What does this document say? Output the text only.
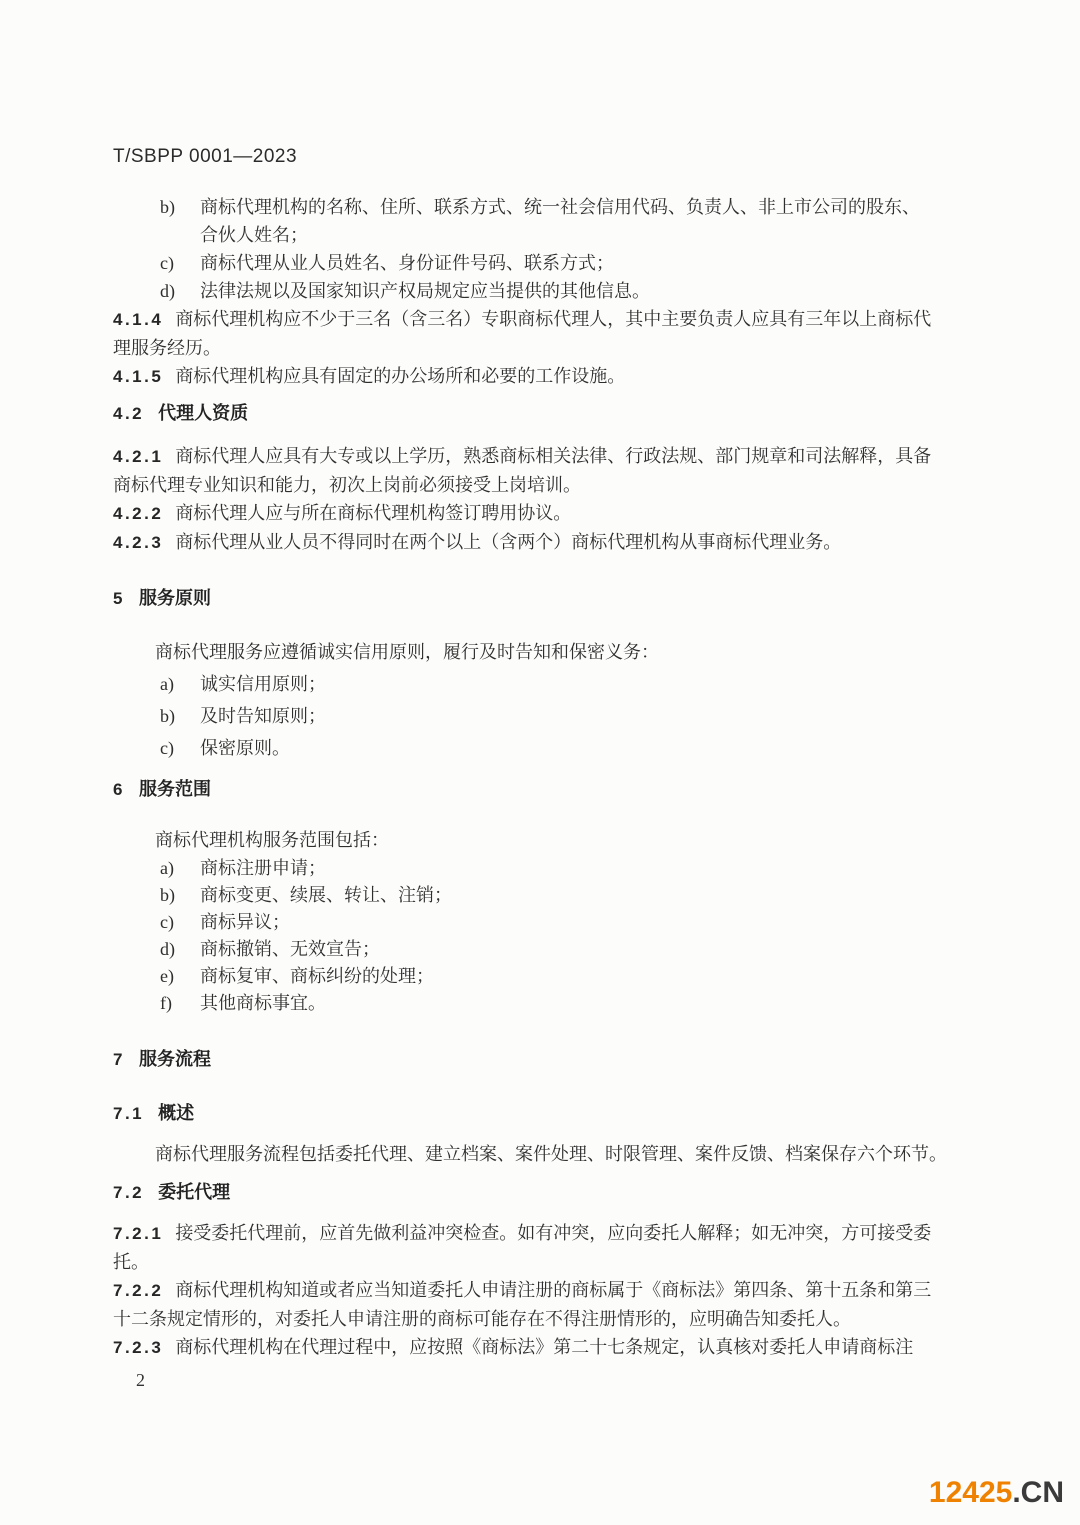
T/SBPP 0001—2023
b) 商标代理机构的名称、住所、联系方式、统一社会信用代码、负责人、非上市公司的股东、合伙人姓名；
c) 商标代理从业人员姓名、身份证件号码、联系方式；
d) 法律法规以及国家知识产权局规定应当提供的其他信息。
4.1.4 商标代理机构应不少于三名（含三名）专职商标代理人，其中主要负责人应具有三年以上商标代理服务经历。
4.1.5 商标代理机构应具有固定的办公场所和必要的工作设施。
4.2 代理人资质
4.2.1 商标代理人应具有大专或以上学历，熟悉商标相关法律、行政法规、部门规章和司法解释，具备商标代理专业知识和能力，初次上岗前必须接受上岗培训。
4.2.2 商标代理人应与所在商标代理机构签订聘用协议。
4.2.3 商标代理从业人员不得同时在两个以上（含两个）商标代理机构从事商标代理业务。
5 服务原则
商标代理服务应遵循诚实信用原则，履行及时告知和保密义务：
a) 诚实信用原则；
b) 及时告知原则；
c) 保密原则。
6 服务范围
商标代理机构服务范围包括：
a) 商标注册申请；
b) 商标变更、续展、转让、注销；
c) 商标异议；
d) 商标撤销、无效宣告；
e) 商标复审、商标纠纷的处理；
f) 其他商标事宜。
7 服务流程
7.1 概述
商标代理服务流程包括委托代理、建立档案、案件处理、时限管理、案件反馈、档案保存六个环节。
7.2 委托代理
7.2.1 接受委托代理前，应首先做利益冲突检查。如有冲突，应向委托人解释；如无冲突，方可接受委托。
7.2.2 商标代理机构知道或者应当知道委托人申请注册的商标属于《商标法》第四条、第十五条和第三十二条规定情形的，对委托人申请注册的商标可能存在不得注册情形的，应明确告知委托人。
7.2.3 商标代理机构在代理过程中，应按照《商标法》第二十七条规定，认真核对委托人申请商标注
2
12425.CN
